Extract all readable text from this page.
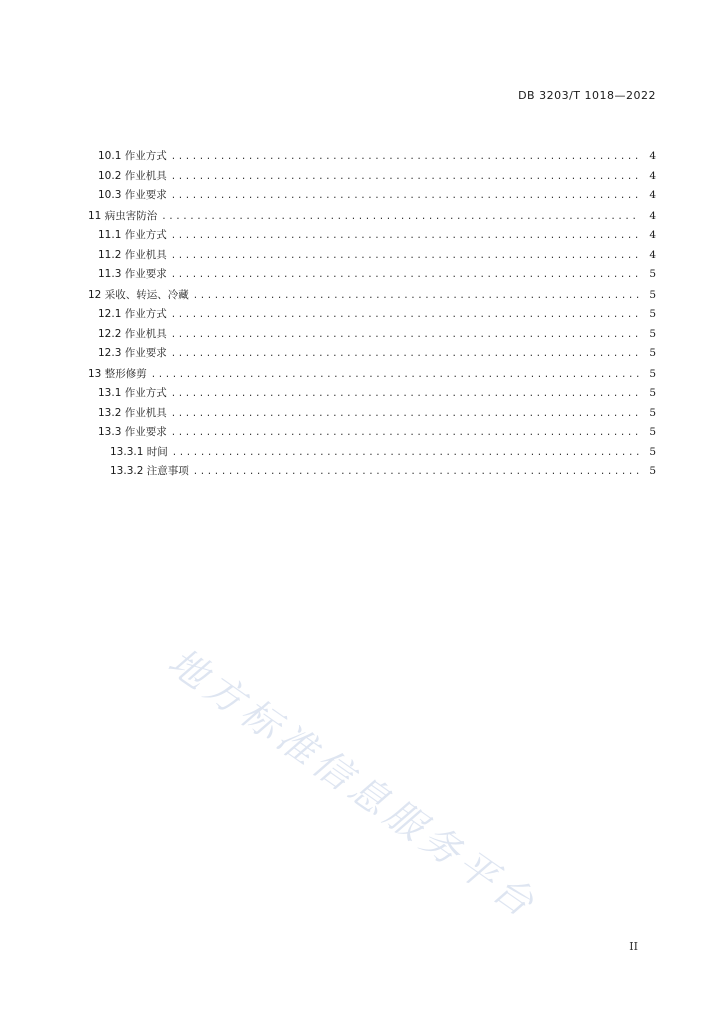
DB 3203/T 1018—2022
10.1 作业方式 .....	4
10.2 作业机具 .....	4
10.3 作业要求 .....	4
11 病虫害防治 .....	4
11.1 作业方式 .....	4
11.2 作业机具 .....	4
11.3 作业要求 .....	5
12 采收、转运、冷藏 .....	5
12.1 作业方式 .....	5
12.2 作业机具 .....	5
12.3 作业要求 .....	5
13 整形修剪 .....	5
13.1 作业方式 .....	5
13.2 作业机具 .....	5
13.3 作业要求 .....	5
13.3.1 时间 .....	5
13.3.2 注意事项 .....	5
地方标准信息服务平台
II
